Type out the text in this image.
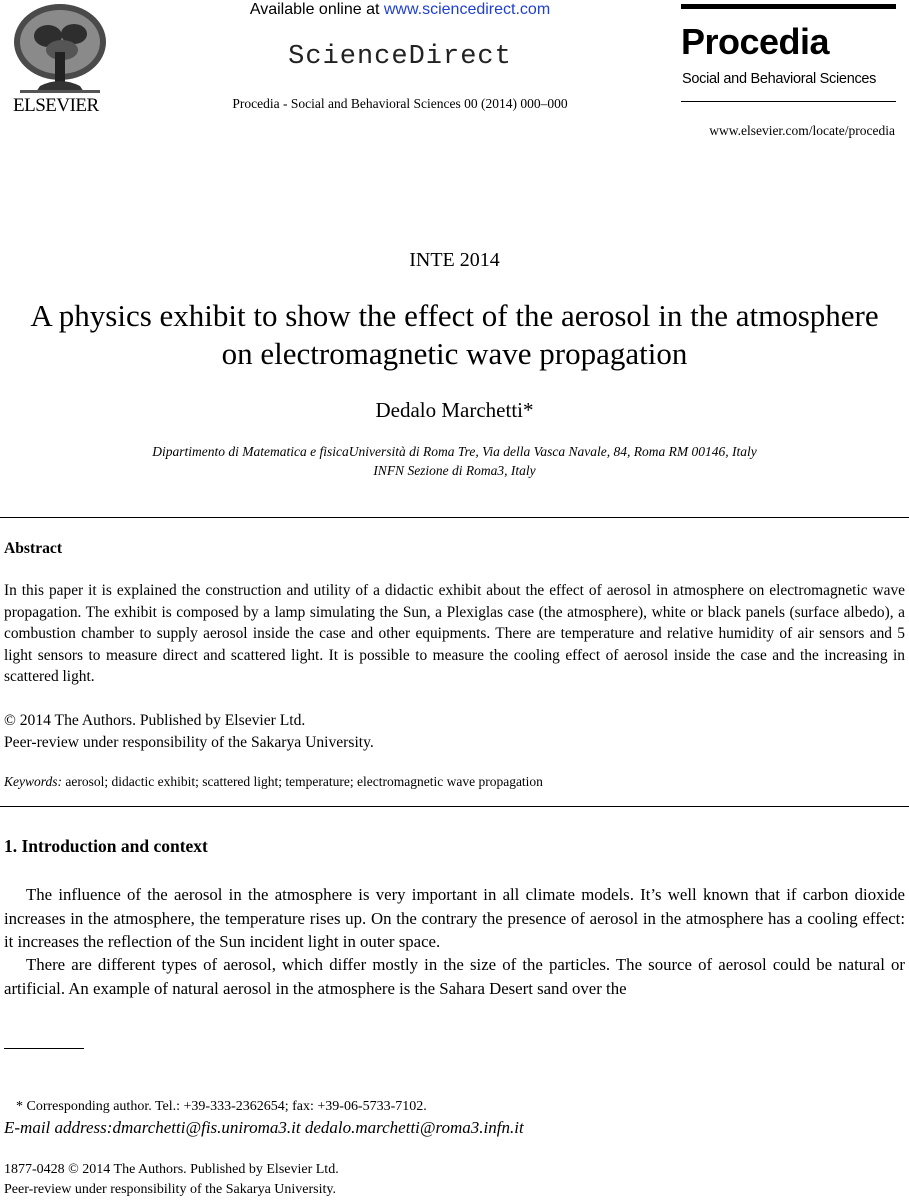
ELSEVIER
Available online at www.sciencedirect.com
ScienceDirect
Procedia - Social and Behavioral Sciences 00 (2014) 000–000
Procedia
Social and Behavioral Sciences
www.elsevier.com/locate/procedia
INTE 2014
A physics exhibit to show the effect of the aerosol in the atmosphere
on electromagnetic wave propagation
Dedalo Marchetti*
Dipartimento di Matematica e fisicaUniversità di Roma Tre, Via della Vasca Navale, 84, Roma RM 00146, Italy
INFN Sezione di Roma3, Italy
Abstract
In this paper it is explained the construction and utility of a didactic exhibit about the effect of aerosol in atmosphere on electromagnetic wave propagation. The exhibit is composed by a lamp simulating the Sun, a Plexiglas case (the atmosphere), white or black panels (surface albedo), a combustion chamber to supply aerosol inside the case and other equipments. There are temperature and relative humidity of air sensors and 5 light sensors to measure direct and scattered light. It is possible to measure the cooling effect of aerosol inside the case and the increasing in scattered light.
© 2014 The Authors. Published by Elsevier Ltd.
Peer-review under responsibility of the Sakarya University.
Keywords: aerosol; didactic exhibit; scattered light; temperature; electromagnetic wave propagation
1. Introduction and context
The influence of the aerosol in the atmosphere is very important in all climate models. It’s well known that if carbon dioxide increases in the atmosphere, the temperature rises up. On the contrary the presence of aerosol in the atmosphere has a cooling effect: it increases the reflection of the Sun incident light in outer space.
There are different types of aerosol, which differ mostly in the size of the particles. The source of aerosol could be natural or artificial. An example of natural aerosol in the atmosphere is the Sahara Desert sand over the
* Corresponding author. Tel.: +39-333-2362654; fax: +39-06-5733-7102.
E-mail address:dmarchetti@fis.uniroma3.it dedalo.marchetti@roma3.infn.it
1877-0428 © 2014 The Authors. Published by Elsevier Ltd.
Peer-review under responsibility of the Sakarya University.
